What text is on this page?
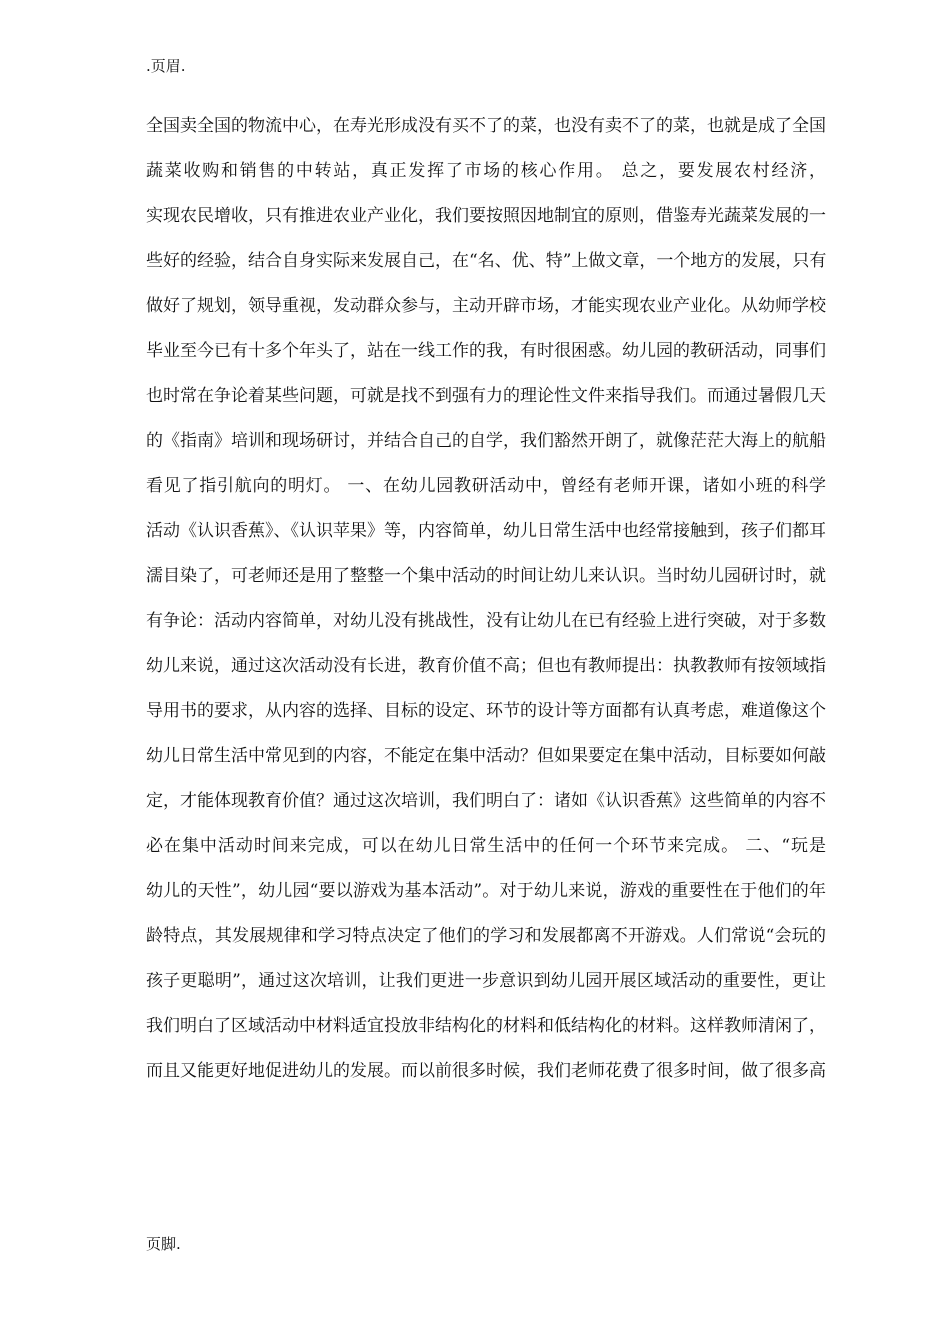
.页眉.
全国卖全国的物流中心，在寿光形成没有买不了的菜，也没有卖不了的菜，也就是成了全国
蔬菜收购和销售的中转站，真正发挥了市场的核心作用。 总之，要发展农村经济，
实现农民增收，只有推进农业产业化，我们要按照因地制宜的原则，借鉴寿光蔬菜发展的一
些好的经验，结合自身实际来发展自己，在“名、优、特”上做文章，一个地方的发展，只有
做好了规划，领导重视，发动群众参与，主动开辟市场，才能实现农业产业化。从幼师学校
毕业至今已有十多个年头了，站在一线工作的我，有时很困惑。幼儿园的教研活动，同事们
也时常在争论着某些问题，可就是找不到强有力的理论性文件来指导我们。而通过暑假几天
的《指南》培训和现场研讨，并结合自己的自学，我们豁然开朗了，就像茫茫大海上的航船
看见了指引航向的明灯。 一、在幼儿园教研活动中，曾经有老师开课，诸如小班的科学
活动《认识香蕉》、《认识苹果》等，内容简单，幼儿日常生活中也经常接触到，孩子们都耳
濡目染了，可老师还是用了整整一个集中活动的时间让幼儿来认识。当时幼儿园研讨时，就
有争论：活动内容简单，对幼儿没有挑战性，没有让幼儿在已有经验上进行突破，对于多数
幼儿来说，通过这次活动没有长进，教育价值不高；但也有教师提出：执教教师有按领域指
导用书的要求，从内容的选择、目标的设定、环节的设计等方面都有认真考虑，难道像这个
幼儿日常生活中常见到的内容，不能定在集中活动？但如果要定在集中活动，目标要如何敲
定，才能体现教育价值？通过这次培训，我们明白了：诸如《认识香蕉》这些简单的内容不
必在集中活动时间来完成，可以在幼儿日常生活中的任何一个环节来完成。 二、“玩是
幼儿的天性”，幼儿园“要以游戏为基本活动”。对于幼儿来说，游戏的重要性在于他们的年
龄特点，其发展规律和学习特点决定了他们的学习和发展都离不开游戏。人们常说“会玩的
孩子更聪明”，通过这次培训，让我们更进一步意识到幼儿园开展区域活动的重要性，更让
我们明白了区域活动中材料适宜投放非结构化的材料和低结构化的材料。这样教师清闲了，
而且又能更好地促进幼儿的发展。而以前很多时候，我们老师花费了很多时间，做了很多高
页脚.
